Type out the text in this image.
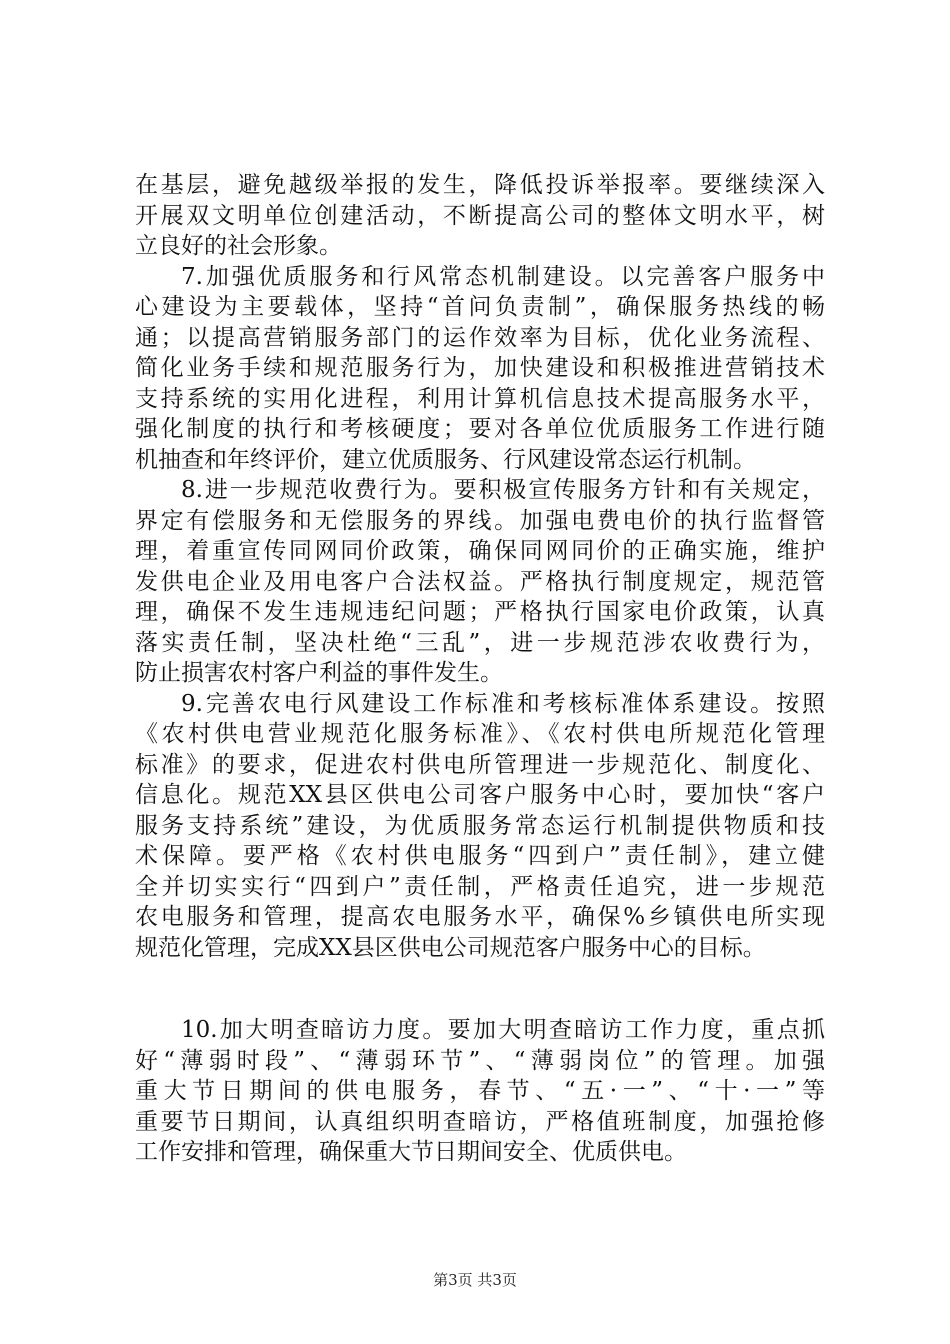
在基层，避免越级举报的发生，降低投诉举报率。要继续深入
开展双文明单位创建活动，不断提高公司的整体文明水平，树
立良好的社会形象。
7.加强优质服务和行风常态机制建设。以完善客户服务中
心建设为主要载体，坚持“首问负责制”，确保服务热线的畅
通；以提高营销服务部门的运作效率为目标，优化业务流程、
简化业务手续和规范服务行为，加快建设和积极推进营销技术
支持系统的实用化进程，利用计算机信息技术提高服务水平，
强化制度的执行和考核硬度；要对各单位优质服务工作进行随
机抽查和年终评价，建立优质服务、行风建设常态运行机制。
8.进一步规范收费行为。要积极宣传服务方针和有关规定，
界定有偿服务和无偿服务的界线。加强电费电价的执行监督管
理，着重宣传同网同价政策，确保同网同价的正确实施，维护
发供电企业及用电客户合法权益。严格执行制度规定，规范管
理，确保不发生违规违纪问题；严格执行国家电价政策，认真
落实责任制，坚决杜绝“三乱”，进一步规范涉农收费行为，
防止损害农村客户利益的事件发生。
9.完善农电行风建设工作标准和考核标准体系建设。按照
《农村供电营业规范化服务标准》、《农村供电所规范化管理
标准》的要求，促进农村供电所管理进一步规范化、制度化、
信息化。规范XX县区供电公司客户服务中心时，要加快“客户
服务支持系统”建设，为优质服务常态运行机制提供物质和技
术保障。要严格《农村供电服务“四到户”责任制》，建立健
全并切实实行“四到户”责任制，严格责任追究，进一步规范
农电服务和管理，提高农电服务水平，确保%乡镇供电所实现
规范化管理，完成XX县区供电公司规范客户服务中心的目标。
10.加大明查暗访力度。要加大明查暗访工作力度，重点抓
好“薄弱时段”、“薄弱环节”、“薄弱岗位”的管理。加强
重大节日期间的供电服务，春节、“五·一”、“十·一”等
重要节日期间，认真组织明查暗访，严格值班制度，加强抢修
工作安排和管理，确保重大节日期间安全、优质供电。
第3页 共3页
